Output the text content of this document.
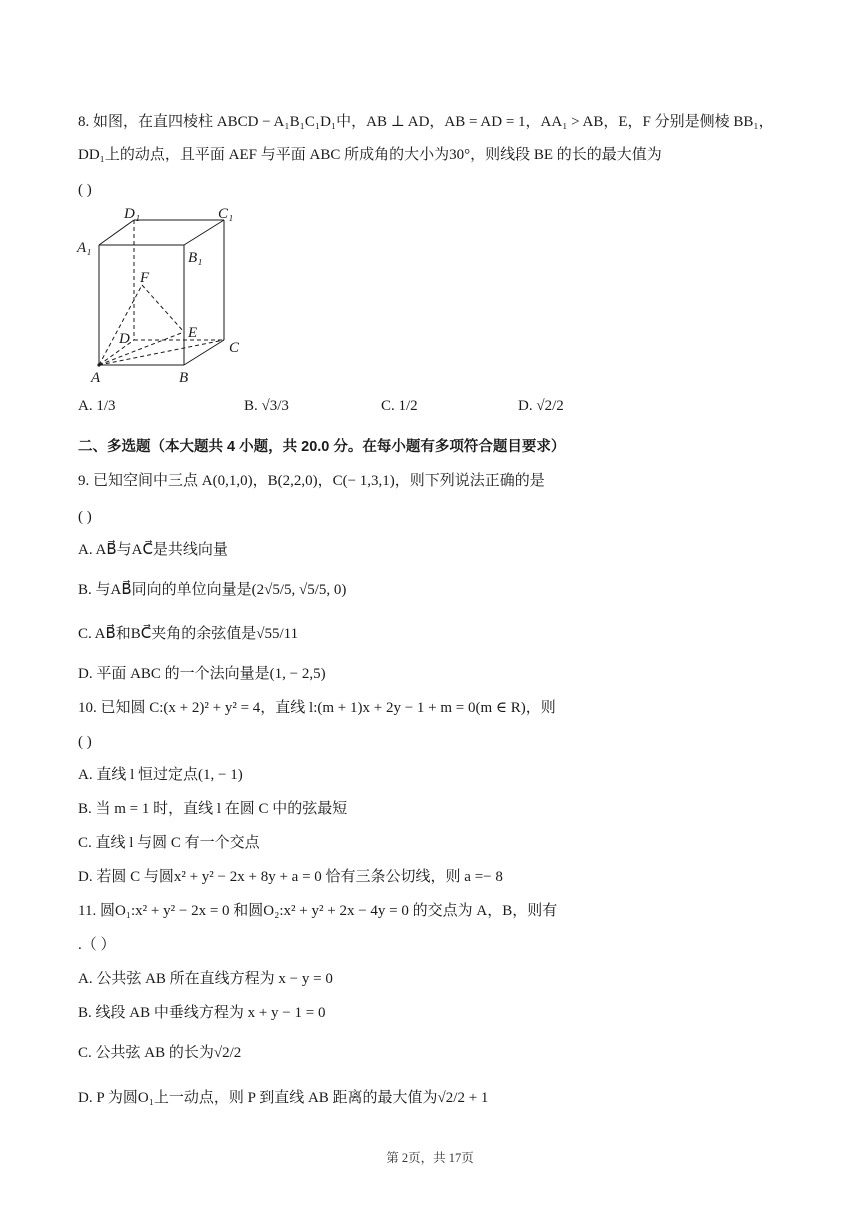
8. 如图，在直四棱柱 ABCD − A₁B₁C₁D₁中，AB ⊥ AD，AB = AD = 1，AA₁ > AB，E，F 分别是侧棱 BB₁，
DD₁上的动点，且平面 AEF 与平面 ABC 所成角的大小为30°，则线段 BE 的长的最大值为
( )
A₁
D₁	C₁
B₁
F
E
D
C
A	B
A. 1/3	B. √3/3	C. 1/2	D. √2/2
二、多选题（本大题共 4 小题，共 20.0 分。在每小题有多项符合题目要求）
9. 已知空间中三点 A(0,1,0)，B(2,2,0)，C(− 1,3,1)，则下列说法正确的是
( )
A. AB⃗与AC⃗是共线向量
B. 与AB⃗同向的单位向量是(2√5/5, √5/5, 0)
C. AB⃗和BC⃗夹角的余弦值是√55/11
D. 平面 ABC 的一个法向量是(1, − 2,5)
10. 已知圆 C:(x + 2)² + y² = 4，直线 l:(m + 1)x + 2y − 1 + m = 0(m ∈ R)，则
( )
A. 直线 l 恒过定点(1, − 1)
B. 当 m = 1 时，直线 l 在圆 C 中的弦最短
C. 直线 l 与圆 C 有一个交点
D. 若圆 C 与圆x² + y² − 2x + 8y + a = 0 恰有三条公切线，则 a =− 8
11. 圆O₁:x² + y² − 2x = 0 和圆O₂:x² + y² + 2x − 4y = 0 的交点为 A，B，则有
.（ ）
A. 公共弦 AB 所在直线方程为 x − y = 0
B. 线段 AB 中垂线方程为 x + y − 1 = 0
C. 公共弦 AB 的长为√2/2
D. P 为圆O₁上一动点，则 P 到直线 AB 距离的最大值为√2/2 + 1
第 2页，共 17页
